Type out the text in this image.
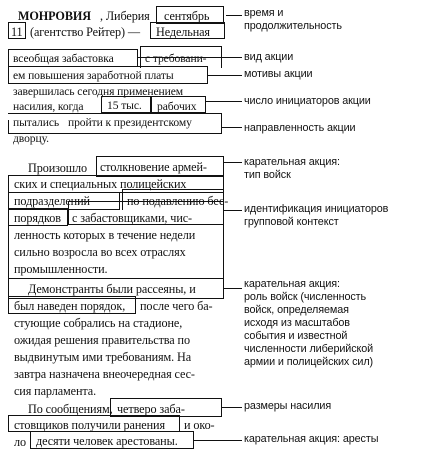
МОНРОВИЯ , Либерия сентябрь
11 (агентство Рейтер) — Недельная
всеобщая забастовка	с требовани-
ем повышения заработной платы
завершилась сегодня применением
насилия, когда 15 тыс. рабочих
пытались пройти к президентскому
дворцу.
Произошло столкновение армей-
ских и специальных полицейских
подразделений	по подавлению бес-
порядков с забастовщиками, чис-
ленность которых в течение недели
сильно возросла во всех отраслях
промышленности.
Демонстранты были рассеяны, и
был наведен порядок, после чего ба-
стующие собрались на стадионе,
ожидая решения правительства по
выдвинутым ими требованиям. На
завтра назначена внеочередная сес-
сия парламента.
По сообщениям, четверо заба-
стовщиков получили ранения и око-
ло десяти человек арестованы.
время и
продолжительность
вид акции
мотивы акции
число инициаторов акции
направленность акции
карательная акция:
тип войск
идентификация инициаторов
групповой контекст
карательная акция:
роль войск (численность
войск, определяемая
исходя из масштабов
события и известной
численности либерийской
армии и полицейских сил)
размеры насилия
карательная акция: аресты
